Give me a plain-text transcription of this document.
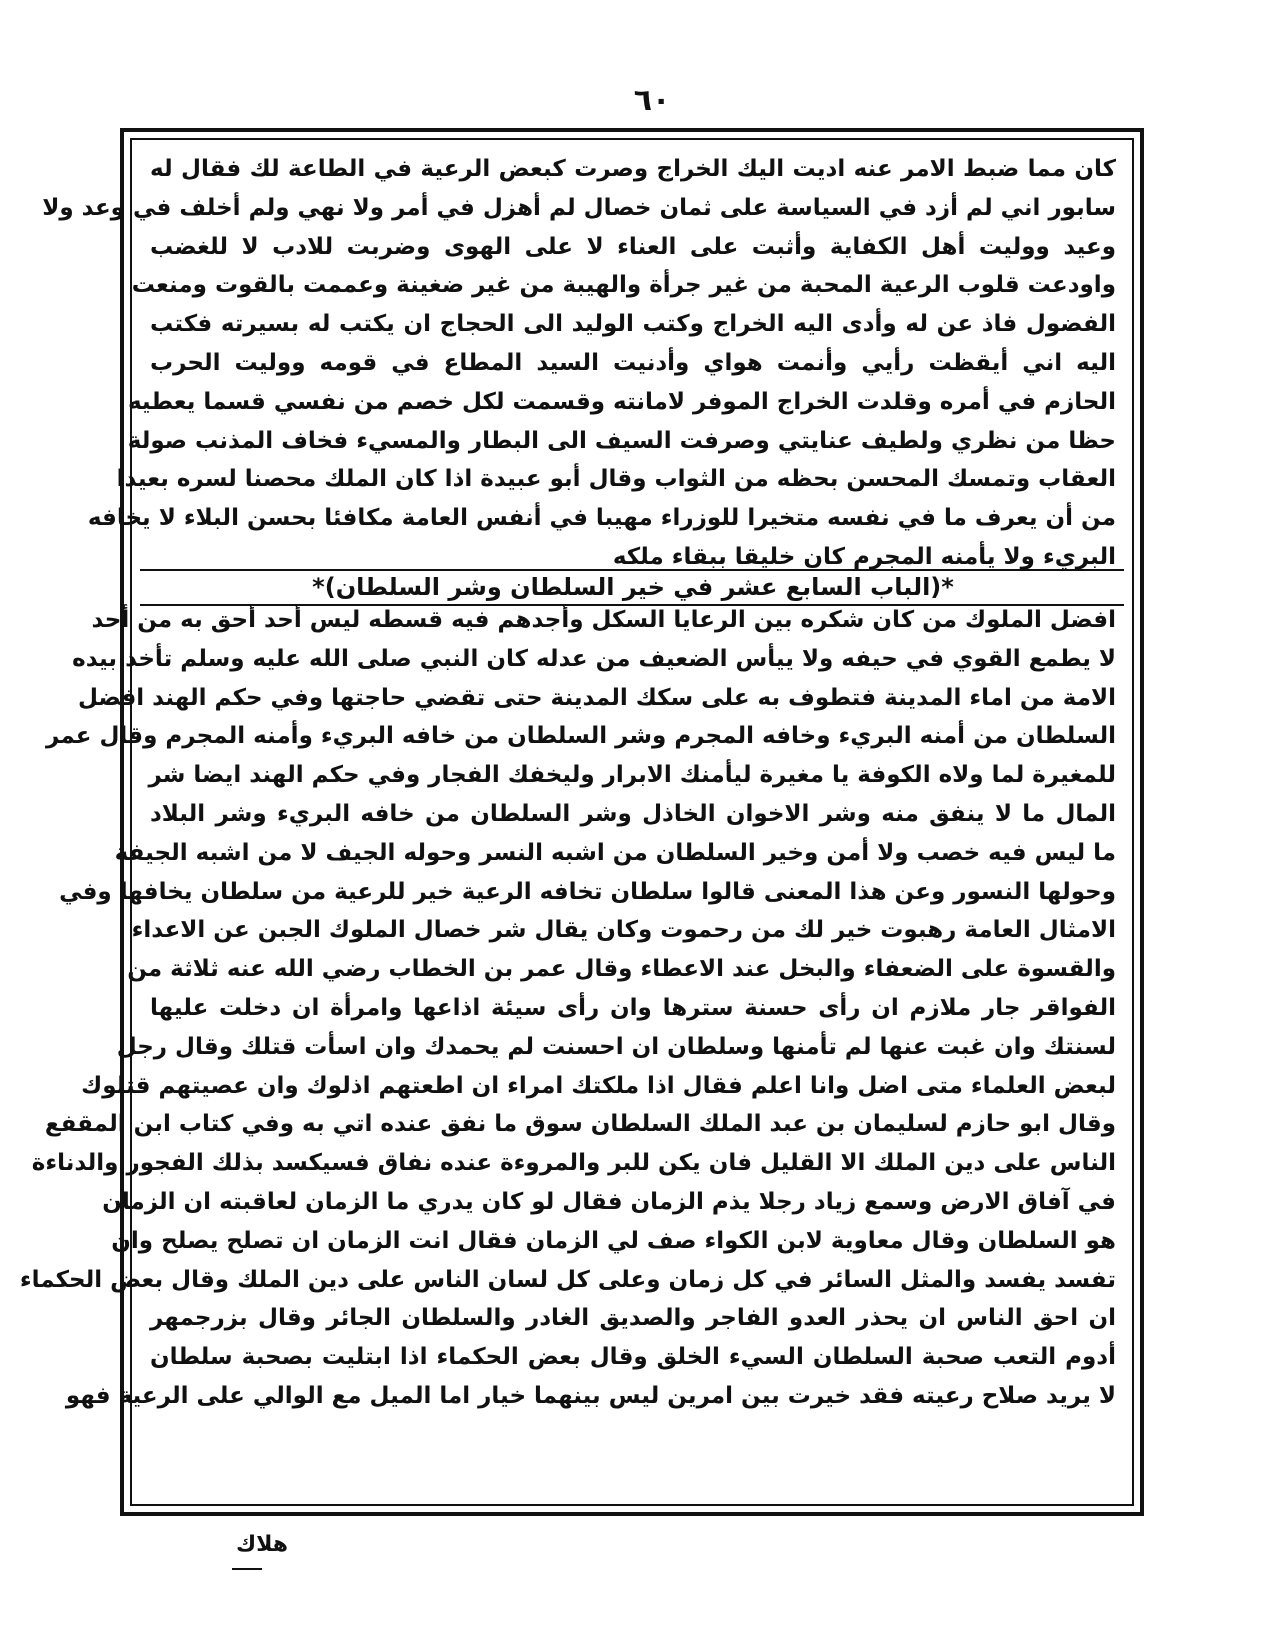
٦٠
كان مما ضبط الامر عنه اديت اليك الخراج وصرت كبعض الرعية في الطاعة لك فقال له
سابور اني لم أزد في السياسة على ثمان خصال لم أهزل في أمر ولا نهي ولم أخلف في وعد ولا
وعيد ووليت أهل الكفاية وأثبت على العناء لا على الهوى وضربت للادب لا للغضب
واودعت قلوب الرعية المحبة من غير جرأة والهيبة من غير ضغينة وعممت بالقوت ومنعت
الفضول فاذ عن له وأدى اليه الخراج وكتب الوليد الى الحجاج ان يكتب له بسيرته فكتب
اليه اني أيقظت رأيي وأنمت هواي وأدنيت السيد المطاع في قومه ووليت الحرب
الحازم في أمره وقلدت الخراج الموفر لامانته وقسمت لكل خصم من نفسي قسما يعطيه
حظا من نظري ولطيف عنايتي وصرفت السيف الى البطار والمسيء فخاف المذنب صولة
العقاب وتمسك المحسن بحظه من الثواب وقال أبو عبيدة اذا كان الملك محصنا لسره بعيدا
من أن يعرف ما في نفسه متخيرا للوزراء مهيبا في أنفس العامة مكافئا بحسن البلاء لا يخافه
البريء ولا يأمنه المجرم كان خليقا ببقاء ملكه
*(الباب السابع عشر في خير السلطان وشر السلطان)*
افضل الملوك من كان شكره بين الرعايا السكل وأجدهم فيه قسطه ليس أحد أحق به من أحد
لا يطمع القوي في حيفه ولا ييأس الضعيف من عدله كان النبي صلى الله عليه وسلم تأخذ بيده
الامة من اماء المدينة فتطوف به على سكك المدينة حتى تقضي حاجتها وفي حكم الهند افضل
السلطان من أمنه البريء وخافه المجرم وشر السلطان من خافه البريء وأمنه المجرم وقال عمر
للمغيرة لما ولاه الكوفة يا مغيرة ليأمنك الابرار وليخفك الفجار وفي حكم الهند ايضا شر
المال ما لا ينفق منه وشر الاخوان الخاذل وشر السلطان من خافه البريء وشر البلاد
ما ليس فيه خصب ولا أمن وخير السلطان من اشبه النسر وحوله الجيف لا من اشبه الجيفة
وحولها النسور وعن هذا المعنى قالوا سلطان تخافه الرعية خير للرعية من سلطان يخافها وفي
الامثال العامة رهبوت خير لك من رحموت وكان يقال شر خصال الملوك الجبن عن الاعداء
والقسوة على الضعفاء والبخل عند الاعطاء وقال عمر بن الخطاب رضي الله عنه ثلاثة من
الفواقر جار ملازم ان رأى حسنة سترها وان رأى سيئة اذاعها وامرأة ان دخلت عليها
لسنتك وان غبت عنها لم تأمنها وسلطان ان احسنت لم يحمدك وان اسأت قتلك وقال رجل
لبعض العلماء متى اضل وانا اعلم فقال اذا ملكتك امراء ان اطعتهم اذلوك وان عصيتهم قتلوك
وقال ابو حازم لسليمان بن عبد الملك السلطان سوق ما نفق عنده اتي به وفي كتاب ابن المقفع
الناس على دين الملك الا القليل فان يكن للبر والمروءة عنده نفاق فسيكسد بذلك الفجور والدناءة
في آفاق الارض وسمع زياد رجلا يذم الزمان فقال لو كان يدري ما الزمان لعاقبته ان الزمان
هو السلطان وقال معاوية لابن الكواء صف لي الزمان فقال انت الزمان ان تصلح يصلح وان
تفسد يفسد والمثل السائر في كل زمان وعلى كل لسان الناس على دين الملك وقال بعض الحكماء
ان احق الناس ان يحذر العدو الفاجر والصديق الغادر والسلطان الجائر وقال بزرجمهر
أدوم التعب صحبة السلطان السيء الخلق وقال بعض الحكماء اذا ابتليت بصحبة سلطان
لا يريد صلاح رعيته فقد خيرت بين امرين ليس بينهما خيار اما الميل مع الوالي على الرعية فهو
هلاك
